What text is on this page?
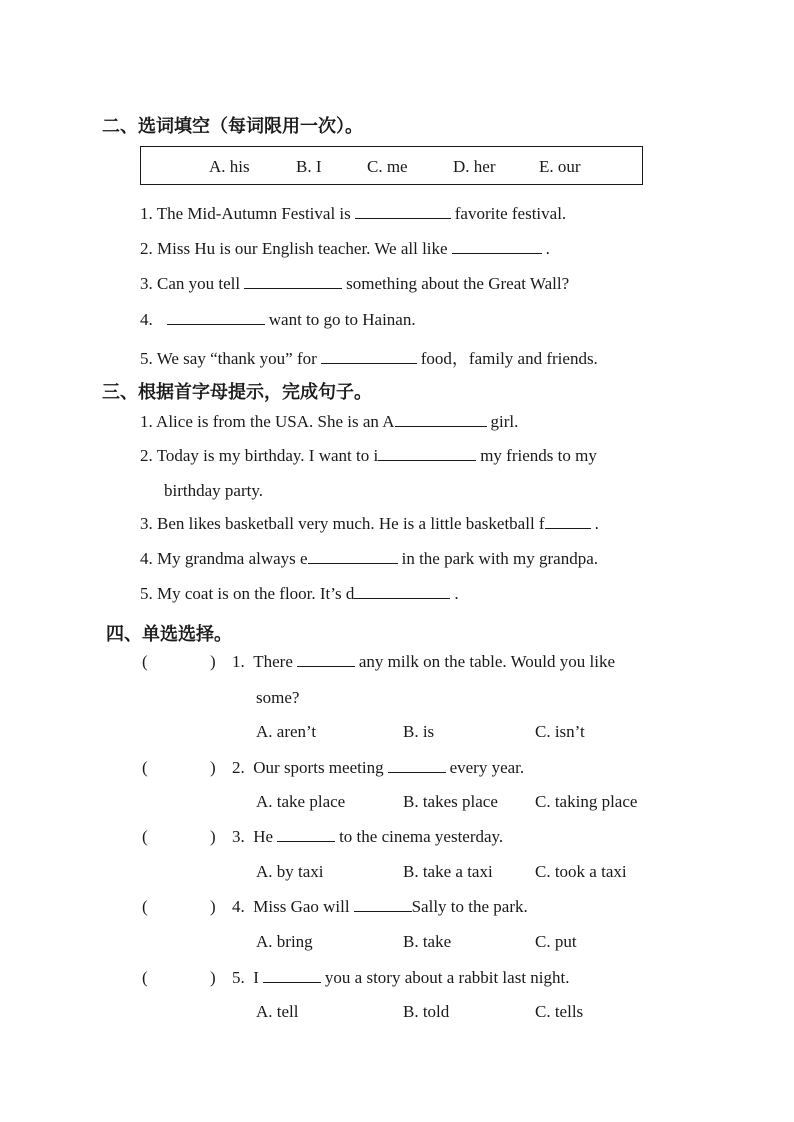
二、选词填空（每词限用一次）。
A. his	B. I	C. me	D. her	E. our
1. The Mid-Autumn Festival is	favorite festival.
2. Miss Hu is our English teacher. We all like	.
3. Can you tell	something about the Great Wall?
4.	want to go to Hainan.
5. We say “thank you” for	food，family and friends.
三、根据首字母提示，完成句子。
1. Alice is from the USA. She is an A	girl.
2. Today is my birthday. I want to i	my friends to my
birthday party.
3. Ben likes basketball very much. He is a little basketball f	.
4. My grandma always e	in the park with my grandpa.
5. My coat is on the floor. It’s d	.
四、单选选择。
(	) 1. There	any milk on the table. Would you like
some?
A. aren’t	B. is	C. isn’t
(	) 2. Our sports meeting	every year.
A. take place	B. takes place C. taking place
(	) 3. He	to the cinema yesterday.
A. by taxi	B. take a taxi C. took a taxi
(	) 4. Miss Gao will	Sally to the park.
A. bring	B. take	C. put
(	) 5. I	you a story about a rabbit last night.
A. tell	B. told	C. tells
